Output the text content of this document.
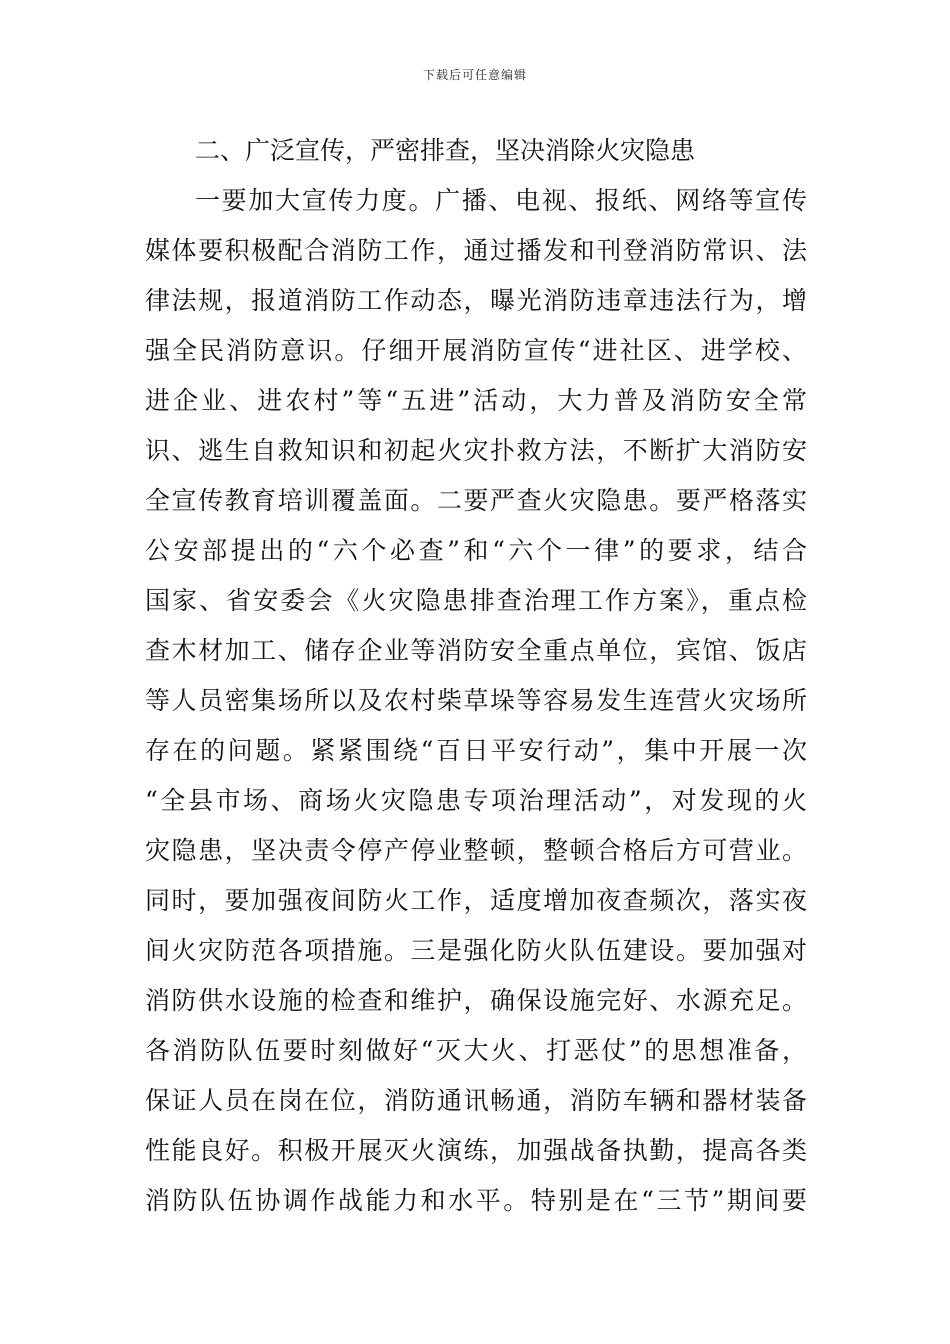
下载后可任意编辑
二、广泛宣传，严密排查，坚决消除火灾隐患
一要加大宣传力度。广播、电视、报纸、网络等宣传
媒体要积极配合消防工作，通过播发和刊登消防常识、法
律法规，报道消防工作动态，曝光消防违章违法行为，增
强全民消防意识。仔细开展消防宣传“进社区、进学校、
进企业、进农村”等“五进”活动，大力普及消防安全常
识、逃生自救知识和初起火灾扑救方法，不断扩大消防安
全宣传教育培训覆盖面。二要严查火灾隐患。要严格落实
公安部提出的“六个必查”和“六个一律”的要求，结合
国家、省安委会《火灾隐患排查治理工作方案》，重点检
查木材加工、储存企业等消防安全重点单位，宾馆、饭店
等人员密集场所以及农村柴草垛等容易发生连营火灾场所
存在的问题。紧紧围绕“百日平安行动”，集中开展一次
“全县市场、商场火灾隐患专项治理活动”，对发现的火
灾隐患，坚决责令停产停业整顿，整顿合格后方可营业。
同时，要加强夜间防火工作，适度增加夜查频次，落实夜
间火灾防范各项措施。三是强化防火队伍建设。要加强对
消防供水设施的检查和维护，确保设施完好、水源充足。
各消防队伍要时刻做好“灭大火、打恶仗”的思想准备，
保证人员在岗在位，消防通讯畅通，消防车辆和器材装备
性能良好。积极开展灭火演练，加强战备执勤，提高各类
消防队伍协调作战能力和水平。特别是在“三节”期间要
